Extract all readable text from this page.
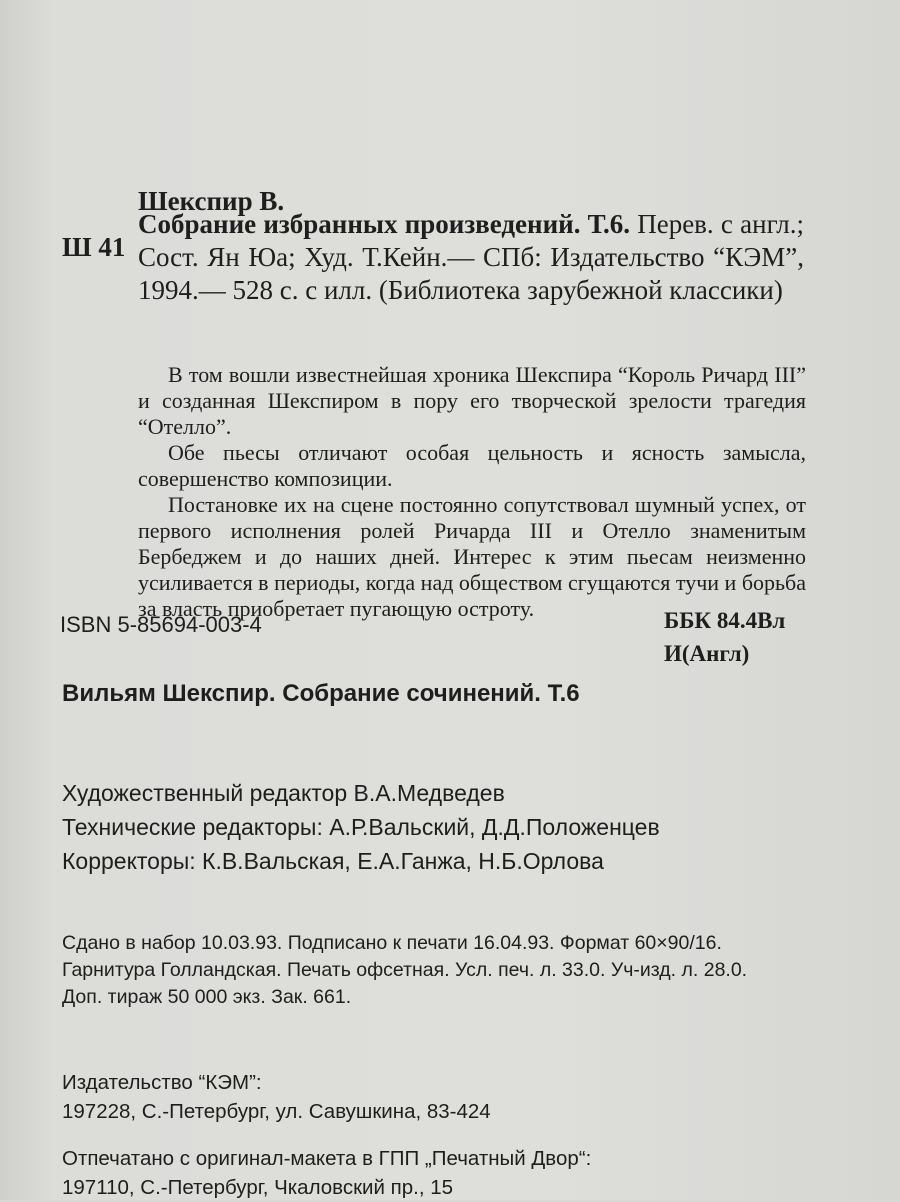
Шекспир В.
Ш 41
Собрание избранных произведений. Т.6. Перев. с англ.; Сост. Ян Юа; Худ. Т.Кейн.— СПб: Издательство “КЭМ”, 1994.— 528 с. с илл. (Библиотека зарубежной классики)

В том вошли известнейшая хроника Шекспира “Король Ричард III” и созданная Шекспиром в пору его творческой зрелости трагедия “Отелло”.

Обе пьесы отличают особая цельность и ясность замысла, совершенство композиции.

Постановке их на сцене постоянно сопутствовал шумный успех, от первого исполнения ролей Ричарда III и Отелло знаменитым Бербеджем и до наших дней. Интерес к этим пьесам неизменно усиливается в периоды, когда над обществом сгущаются тучи и борьба за власть приобретает пугающую остроту.

ISBN 5-85694-003-4	ББК 84.4Вл
И(Англ)
Вильям Шекспир. Собрание сочинений. Т.6
Художественный редактор В.А.Медведев
Технические редакторы: А.Р.Вальский, Д.Д.Положенцев
Корректоры: К.В.Вальская, Е.А.Ганжа, Н.Б.Орлова
Сдано в набор 10.03.93. Подписано к печати 16.04.93. Формат 60×90/16.
Гарнитура Голландская. Печать офсетная. Усл. печ. л. 33.0. Уч-изд. л. 28.0.
Доп. тираж 50 000 экз. Зак. 661.
Издательство “КЭМ”:
197228, С.-Петербург, ул. Савушкина, 83-424
Отпечатано с оригинал-макета в ГПП „Печатный Двор“:
197110, С.-Петербург, Чкаловский пр., 15
